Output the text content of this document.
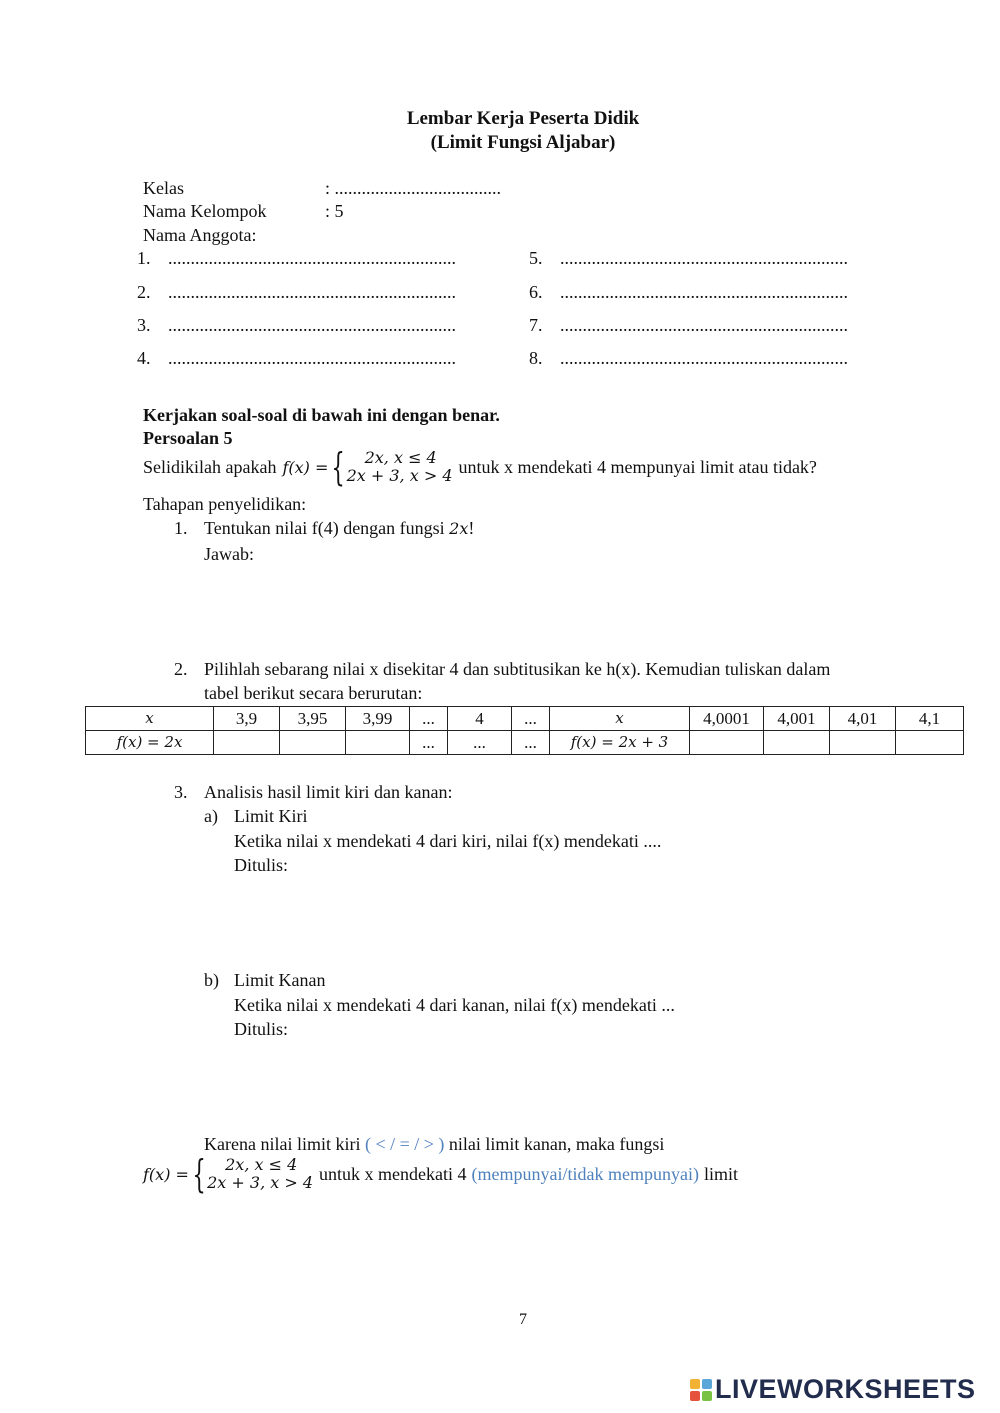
Lembar Kerja Peserta Didik
(Limit Fungsi Aljabar)
Kelas	: .....................................
Nama Kelompok	: 5
Nama Anggota:
1. ................................................................
2. ................................................................
3. ................................................................
4. ................................................................
5. ................................................................
6. ................................................................
7. ................................................................
8. ................................................................
Kerjakan soal-soal di bawah ini dengan benar.
Persoalan 5
Selidikilah apakah f(x) = {	2x, x ≤ 4
2x + 3, x > 4 untuk x mendekati 4 mempunyai limit atau tidak?
Tahapan penyelidikan:
1. Tentukan nilai f(4) dengan fungsi 2x!
Jawab:
2. Pilihlah sebarang nilai x disekitar 4 dan subtitusikan ke h(x). Kemudian tuliskan dalam
tabel berikut secara berurutan:
x	3,9	3,95	3,99	...	4	...	x	4,0001	4,001	4,01	4,1
f(x) = 2x				...	...	...	f(x) = 2x + 3				
3. Analisis hasil limit kiri dan kanan:
a) Limit Kiri
Ketika nilai x mendekati 4 dari kiri, nilai f(x) mendekati ....
Ditulis:
b) Limit Kanan
Ketika nilai x mendekati 4 dari kanan, nilai f(x) mendekati ...
Ditulis:
Karena nilai limit kiri ( < / = / > ) nilai limit kanan, maka fungsi
f(x) = {	2x, x ≤ 4
2x + 3, x > 4 untuk x mendekati 4 (mempunyai/tidak mempunyai) limit
7
LIVEWORKSHEETS
